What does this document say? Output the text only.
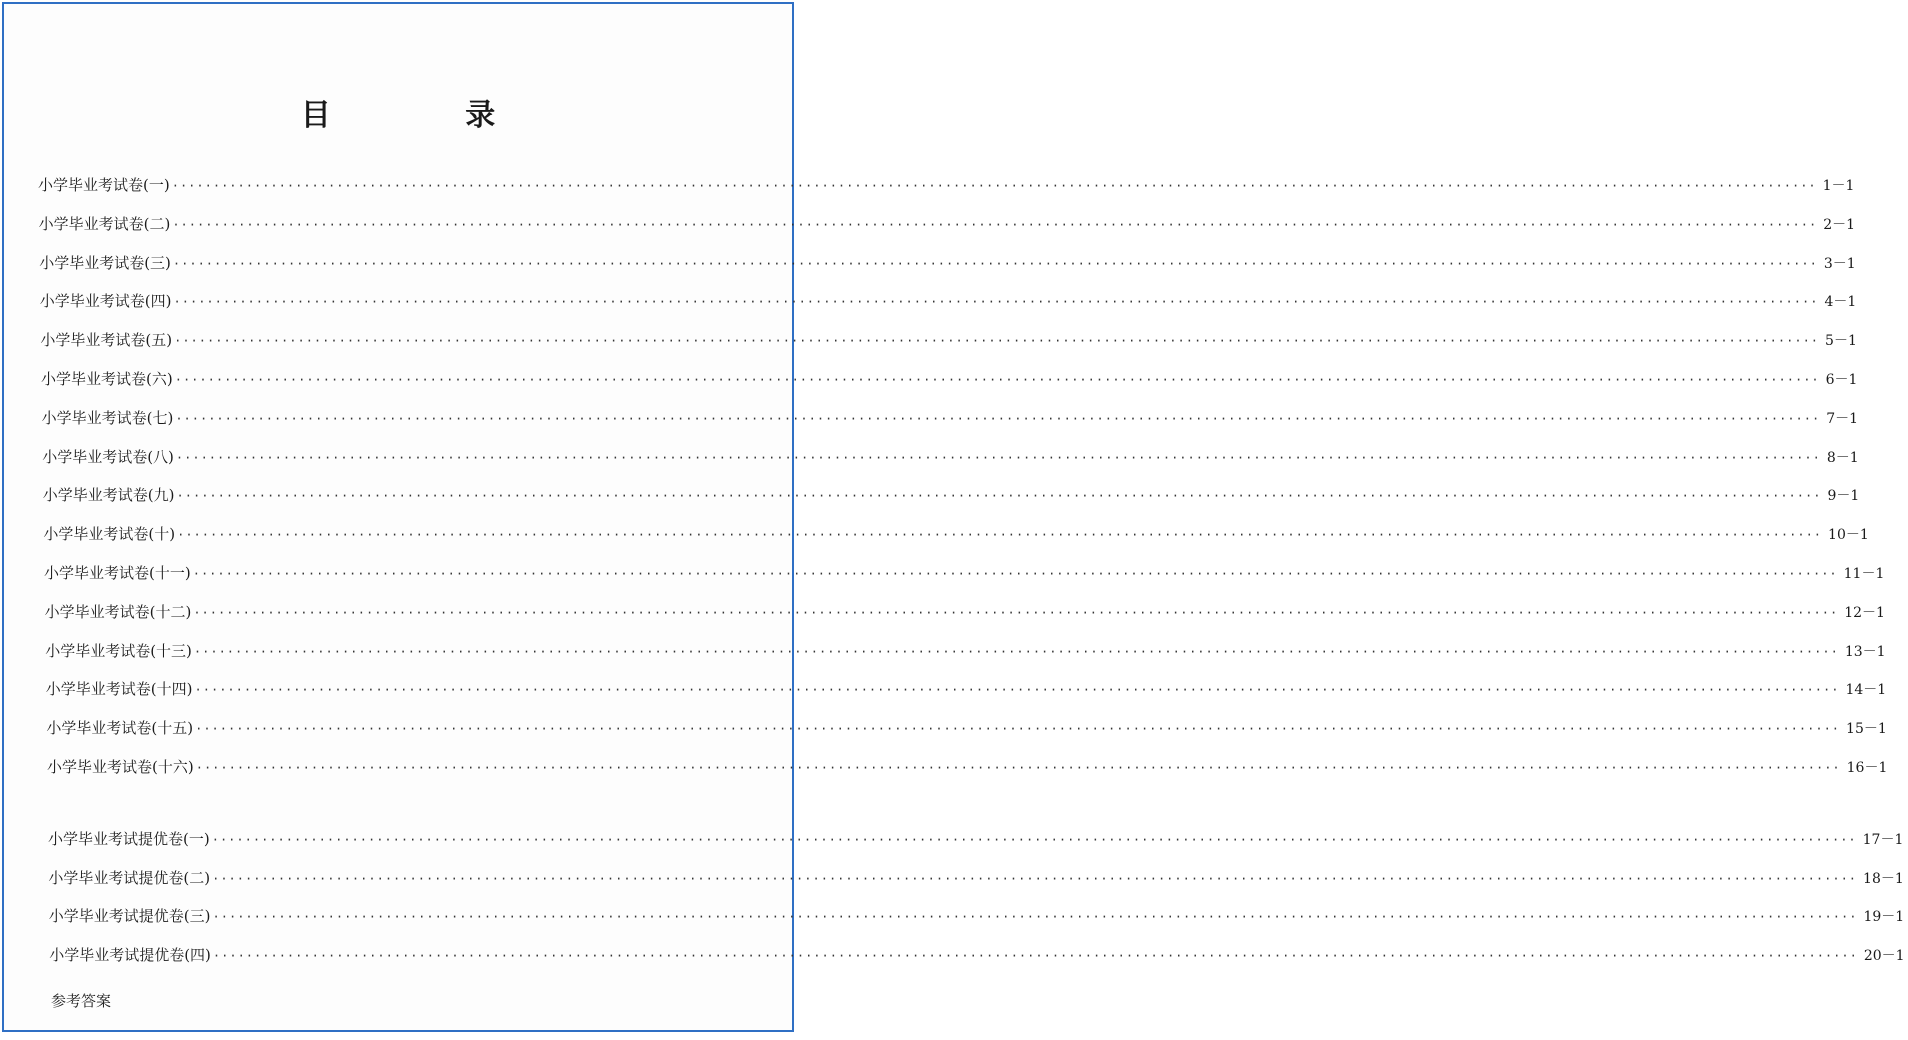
目 录
小学毕业考试卷(一) ········································································································································································································ 1－1
小学毕业考试卷(二) ········································································································································································································ 2－1
小学毕业考试卷(三) ········································································································································································································ 3－1
小学毕业考试卷(四) ········································································································································································································ 4－1
小学毕业考试卷(五) ········································································································································································································ 5－1
小学毕业考试卷(六) ········································································································································································································ 6－1
小学毕业考试卷(七) ········································································································································································································ 7－1
小学毕业考试卷(八) ········································································································································································································ 8－1
小学毕业考试卷(九) ········································································································································································································ 9－1
小学毕业考试卷(十) ········································································································································································································ 10－1
小学毕业考试卷(十一) ········································································································································································································ 11－1
小学毕业考试卷(十二) ········································································································································································································ 12－1
小学毕业考试卷(十三) ········································································································································································································ 13－1
小学毕业考试卷(十四) ········································································································································································································ 14－1
小学毕业考试卷(十五) ········································································································································································································ 15－1
小学毕业考试卷(十六) ········································································································································································································ 16－1
小学毕业考试提优卷(一) ········································································································································································································ 17－1
小学毕业考试提优卷(二) ········································································································································································································ 18－1
小学毕业考试提优卷(三) ········································································································································································································ 19－1
小学毕业考试提优卷(四) ········································································································································································································ 20－1
参考答案
